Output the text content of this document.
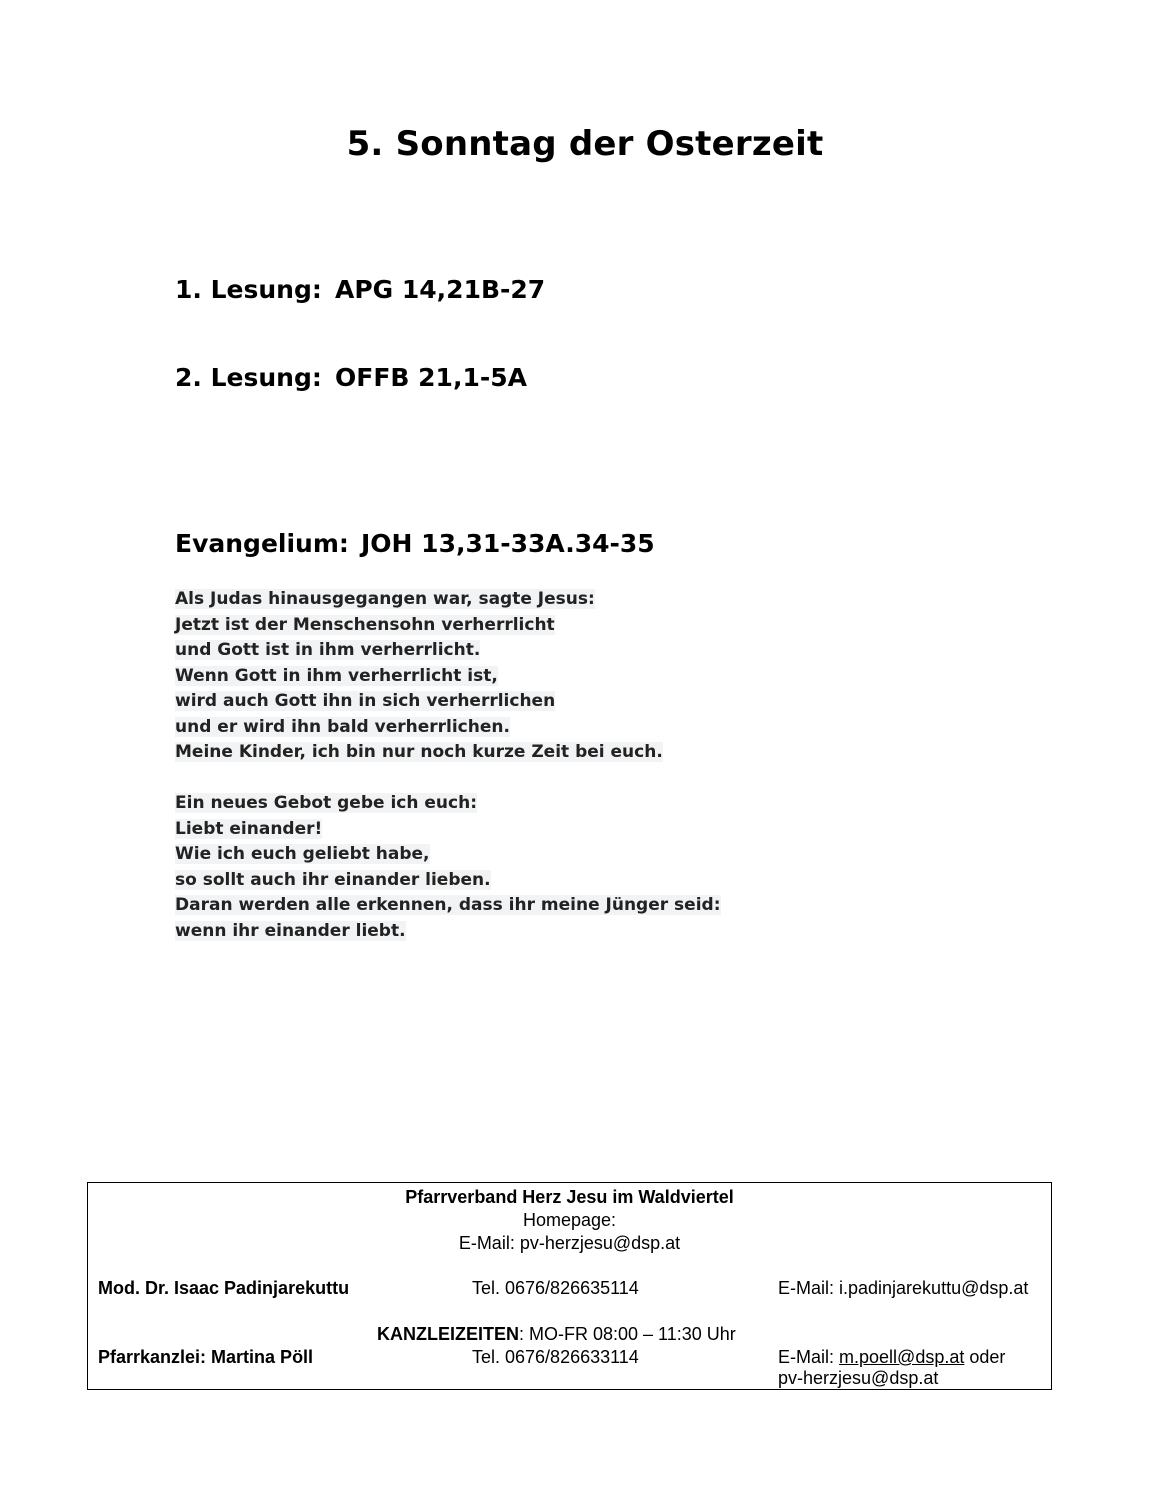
5. Sonntag der Osterzeit
1. Lesung: APG 14,21B-27
2. Lesung: OFFB 21,1-5A
Evangelium: JOH 13,31-33A.34-35
Als Judas hinausgegangen war, sagte Jesus:
Jetzt ist der Menschensohn verherrlicht
und Gott ist in ihm verherrlicht.
Wenn Gott in ihm verherrlicht ist,
wird auch Gott ihn in sich verherrlichen
und er wird ihn bald verherrlichen.
Meine Kinder, ich bin nur noch kurze Zeit bei euch.
Ein neues Gebot gebe ich euch:
Liebt einander!
Wie ich euch geliebt habe,
so sollt auch ihr einander lieben.
Daran werden alle erkennen, dass ihr meine Jünger seid:
wenn ihr einander liebt.
Pfarrverband Herz Jesu im Waldviertel
Homepage:
E-Mail: pv-herzjesu@dsp.at
Mod. Dr. Isaac Padinjarekuttu	Tel. 0676/826635114	E-Mail: i.padinjarekuttu@dsp.at
KANZLEIZEITEN: MO-FR 08:00 – 11:30 Uhr
Pfarrkanzlei: Martina Pöll	Tel. 0676/826633114	E-Mail: m.poell@dsp.at oder
pv-herzjesu@dsp.at
